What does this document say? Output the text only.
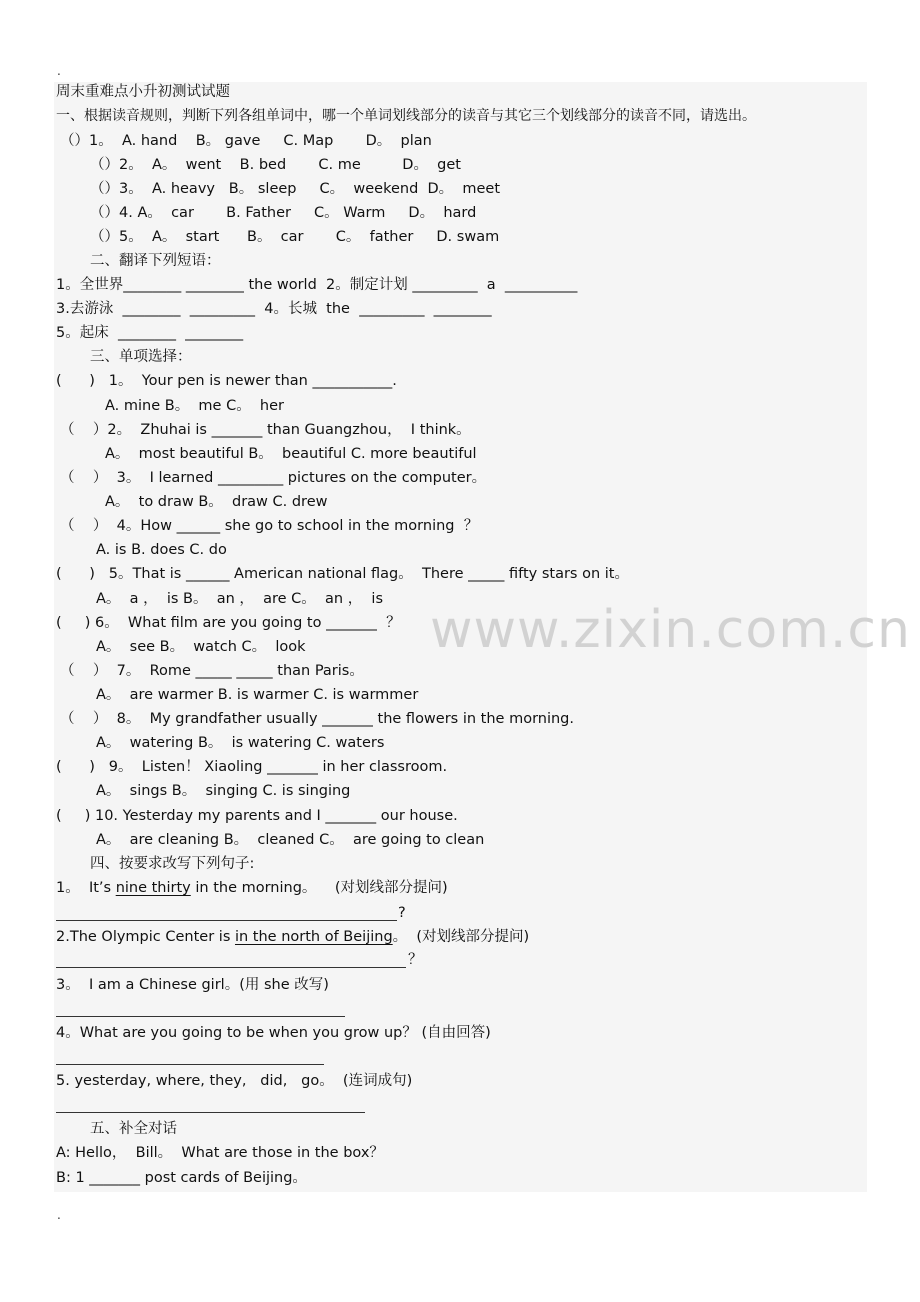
.
www.zixin.com.cn
周末重难点小升初测试试题
一、根据读音规则，判断下列各组单词中，哪一个单词划线部分的读音与其它三个划线部分的读音不同，请选出。
（）1。  A. hand    B。 gave     C. Map       D。  plan
（）2。  A。  went    B. bed       C. me         D。  get
（）3。  A. heavy   B。 sleep     C。  weekend  D。  meet
（）4. A。  car       B. Father     C。 Warm     D。  hard
（）5。  A。  start      B。  car       C。  father     D. swam
二、翻译下列短语：
1。全世界________ ________ the world  2。制定计划 _________  a  __________
3.去游泳  ________  _________  4。长城  the  _________  ________
5。起床  ________  ________
三、单项选择：
(      )   1。  Your pen is newer than ___________.
A. mine B。  me C。  her
（    ）2。  Zhuhai is _______ than Guangzhou，  I think。
A。  most beautiful B。  beautiful C. more beautiful
（    ）  3。  I learned _________ pictures on the computer。
A。  to draw B。  draw C. drew
（    ）  4。How ______ she go to school in the morning  ？
A. is B. does C. do
(      )   5。That is ______ American national flag。  There _____ fifty stars on it。
A。  a ，  is B。  an ，  are C。  an ，  is
(     ) 6。  What film are you going to _______  ？
A。  see B。  watch C。  look
（    ）  7。  Rome _____ _____ than Paris。
A。  are warmer B. is warmer C. is warmmer
（    ）  8。  My grandfather usually _______ the flowers in the morning.
A。  watering B。  is watering C. waters
(      )   9。  Listen！ Xiaoling _______ in her classroom.
A。  sings B。  singing C. is singing
(     ) 10. Yesterday my parents and I _______ our house.
A。  are cleaning B。  cleaned C。  are going to clean
四、按要求改写下列句子:
1。  It’s nine thirty in the morning。    (对划线部分提问)
?
2.The Olympic Center is in the north of Beijing。  (对划线部分提问)
？
3。  I am a Chinese girl。(用 she 改写)
4。What are you going to be when you grow up？ (自由回答)
5. yesterday, where, they,   did,   go。  (连词成句)
五、补全对话
A: Hello，  Bill。  What are those in the box？
B: 1 _______ post cards of Beijing。
.
